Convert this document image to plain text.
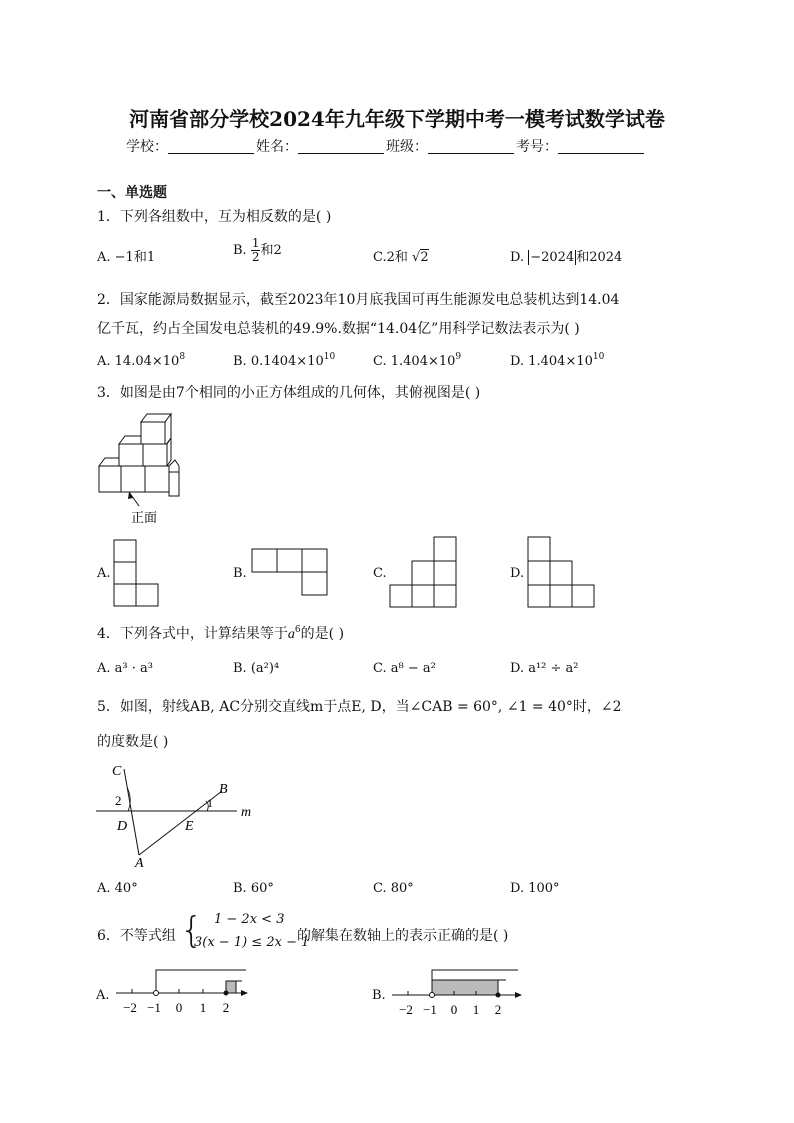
河南省部分学校2024年九年级下学期中考一模考试数学试卷
学校：	姓名：	班级：	考号：
一、单选题
1．下列各组数中，互为相反数的是( )
A. −1和1	B. $\frac{1}{2}$ 和2	C.2和 √2	D. −2024 和2024
2．国家能源局数据显示，截至2023年10月底我国可再生能源发电总装机达到14.04
亿千瓦，约占全国发电总装机的49.9%.数据“14.04亿”用科学记数法表示为( )
A. $14.04\times 10^8$	B. $0.1404\times 10^{10}$	C. $1.404\times 10^9$	D. $1.404\times 10^{10}$
3．如图是由7个相同的小正方体组成的几何体，其俯视图是( )
正面
A.	B.	C.	D.
4．下列各式中，计算结果等于$a^6$的是( )
A. a³ · a³	B. (a²)⁴	C. a⁸ − a²	D. a¹² ÷ a²
5．如图，射线AB, AC分别交直线m于点E, D，当∠CAB = 60°, ∠1 = 40°时，∠2
的度数是( )
C
B
2	1
D	E
m
A
A. 40°	B. 60°	C. 80°	D. 100°
6．不等式组 { 1 − 2x < 3
3(x − 1) ≤ 2x − 1
的解集在数轴上的表示正确的是( )
A.
−2 −1 0 1 2
B.
−2 −1 0 1 2
